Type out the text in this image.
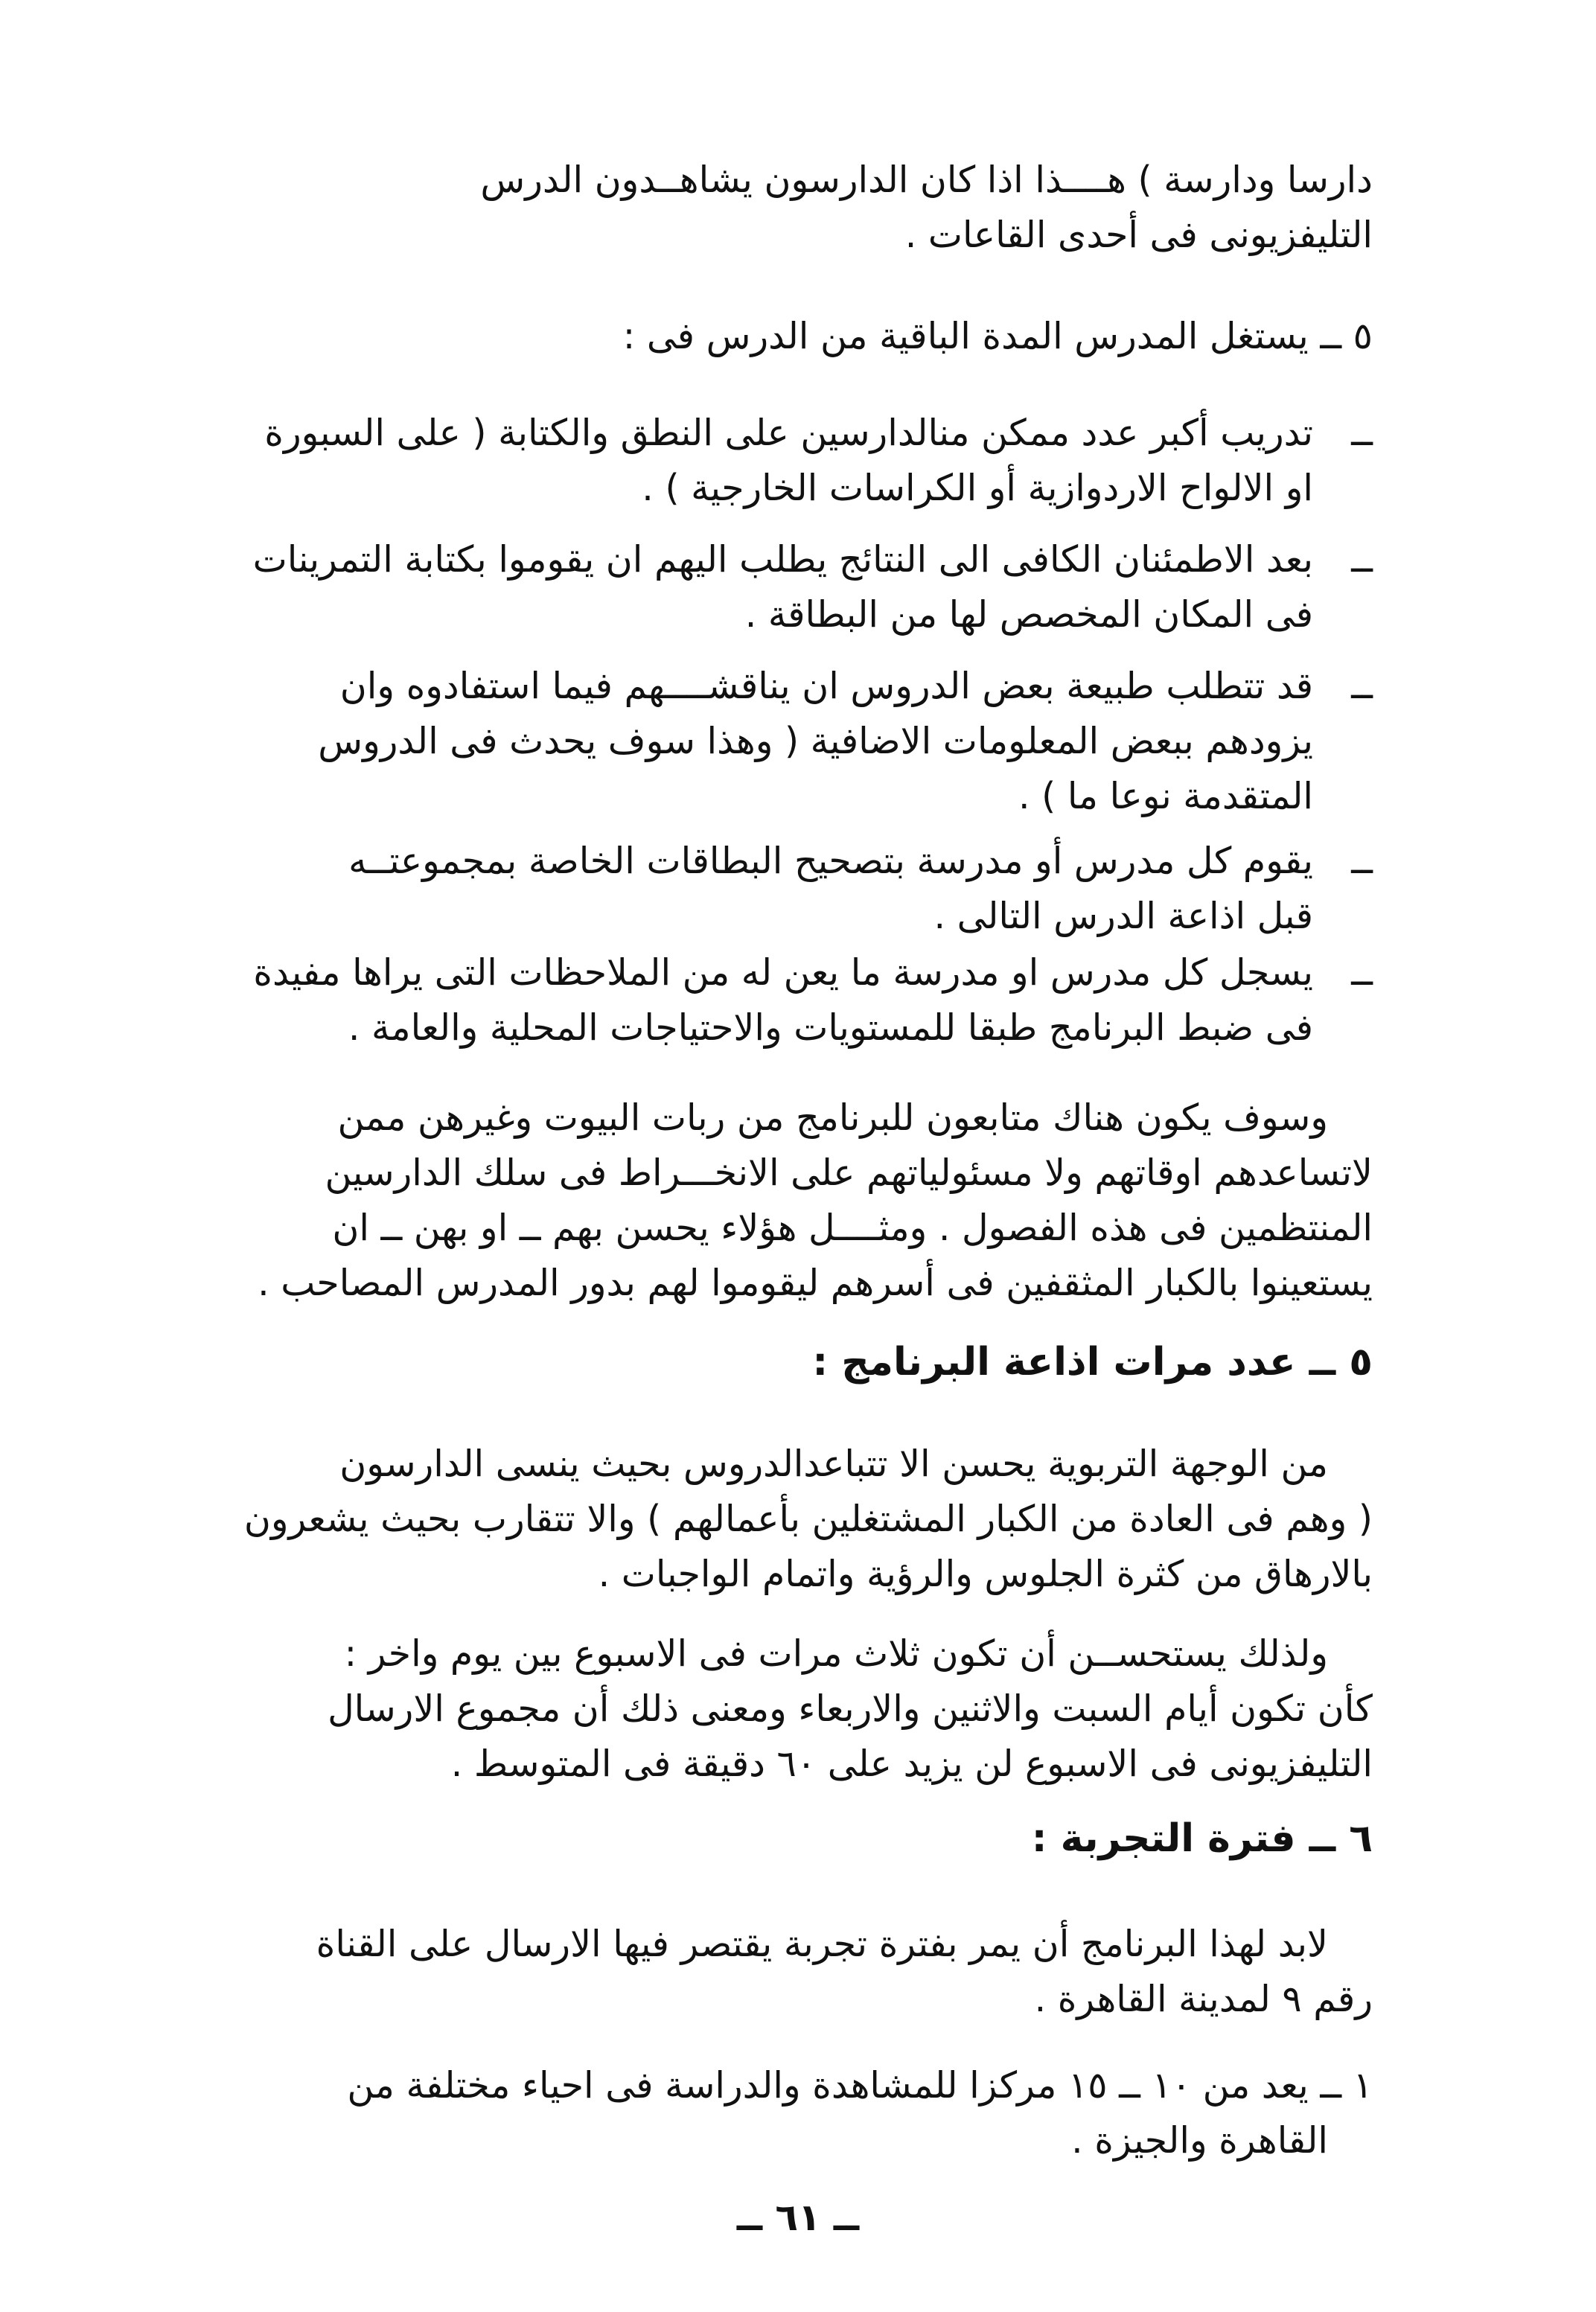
دارسا ودارسة ) هــــذا اذا كان الدارسون يشاهــدون الدرس
التليفزيونى فى أحدى القاعات .
٥ ــ يستغل المدرس المدة الباقية من الدرس فى :
ــ
تدريب أكبر عدد ممكن منالدارسين على النطق والكتابة ( على السبورة
او الالواح الاردوازية أو الكراسات الخارجية ) .
ــ
بعد الاطمئنان الكافى الى النتائج يطلب اليهم ان يقوموا بكتابة التمرينات
فى المكان المخصص لها من البطاقة .
ــ
قد تتطلب طبيعة بعض الدروس ان يناقشــــهم فيما استفادوه وان
يزودهم ببعض المعلومات الاضافية ( وهذا سوف يحدث فى الدروس
المتقدمة نوعا ما ) .
ــ
يقوم كل مدرس أو مدرسة بتصحيح البطاقات الخاصة بمجموعتــه
قبل اذاعة الدرس التالى .
ــ
يسجل كل مدرس او مدرسة ما يعن له من الملاحظات التى يراها مفيدة
فى ضبط البرنامج طبقا للمستويات والاحتياجات المحلية والعامة .
وسوف يكون هناك متابعون للبرنامج من ربات البيوت وغيرهن ممن
لاتساعدهم اوقاتهم ولا مسئولياتهم على الانخـــراط فى سلك الدارسين
المنتظمين فى هذه الفصول . ومثــــل هؤلاء يحسن بهم ــ او بهن ــ ان
يستعينوا بالكبار المثقفين فى أسرهم ليقوموا لهم بدور المدرس المصاحب .
٥ ــ عدد مرات اذاعة البرنامج :
من الوجهة التربوية يحسن الا تتباعدالدروس بحيث ينسى الدارسون
( وهم فى العادة من الكبار المشتغلين بأعمالهم ) والا تتقارب بحيث يشعرون
بالارهاق من كثرة الجلوس والرؤية واتمام الواجبات .
ولذلك يستحســن أن تكون ثلاث مرات فى الاسبوع بين يوم واخر :
كأن تكون أيام السبت والاثنين والاربعاء ومعنى ذلك أن مجموع الارسال
التليفزيونى فى الاسبوع لن يزيد على ٦٠ دقيقة فى المتوسط .
٦ ــ فترة التجربة :
لابد لهذا البرنامج أن يمر بفترة تجربة يقتصر فيها الارسال على القناة
رقم ٩ لمدينة القاهرة .
١ ــ يعد من ١٠ ــ ١٥ مركزا للمشاهدة والدراسة فى احياء مختلفة من
القاهرة والجيزة .
ــ ٦١ ــ
